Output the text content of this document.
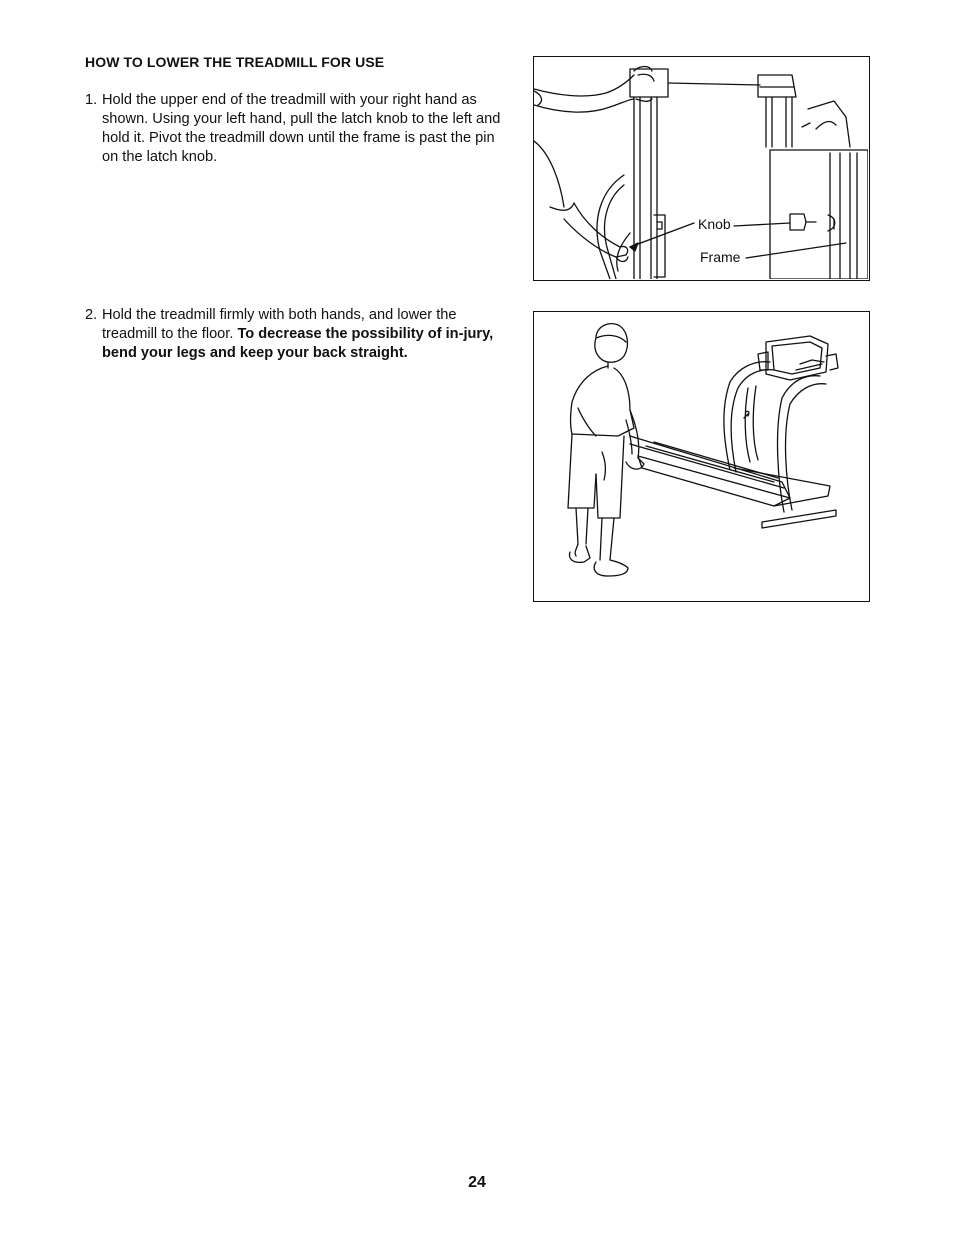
HOW TO LOWER THE TREADMILL FOR USE
1. Hold the upper end of the treadmill with your right hand as shown. Using your left hand, pull the latch knob to the left and hold it. Pivot the treadmill down until the frame is past the pin on the latch knob.
2. Hold the treadmill firmly with both hands, and lower the treadmill to the floor. To decrease the possibility of in-jury, bend your legs and keep your back straight.
Knob
Frame
24
